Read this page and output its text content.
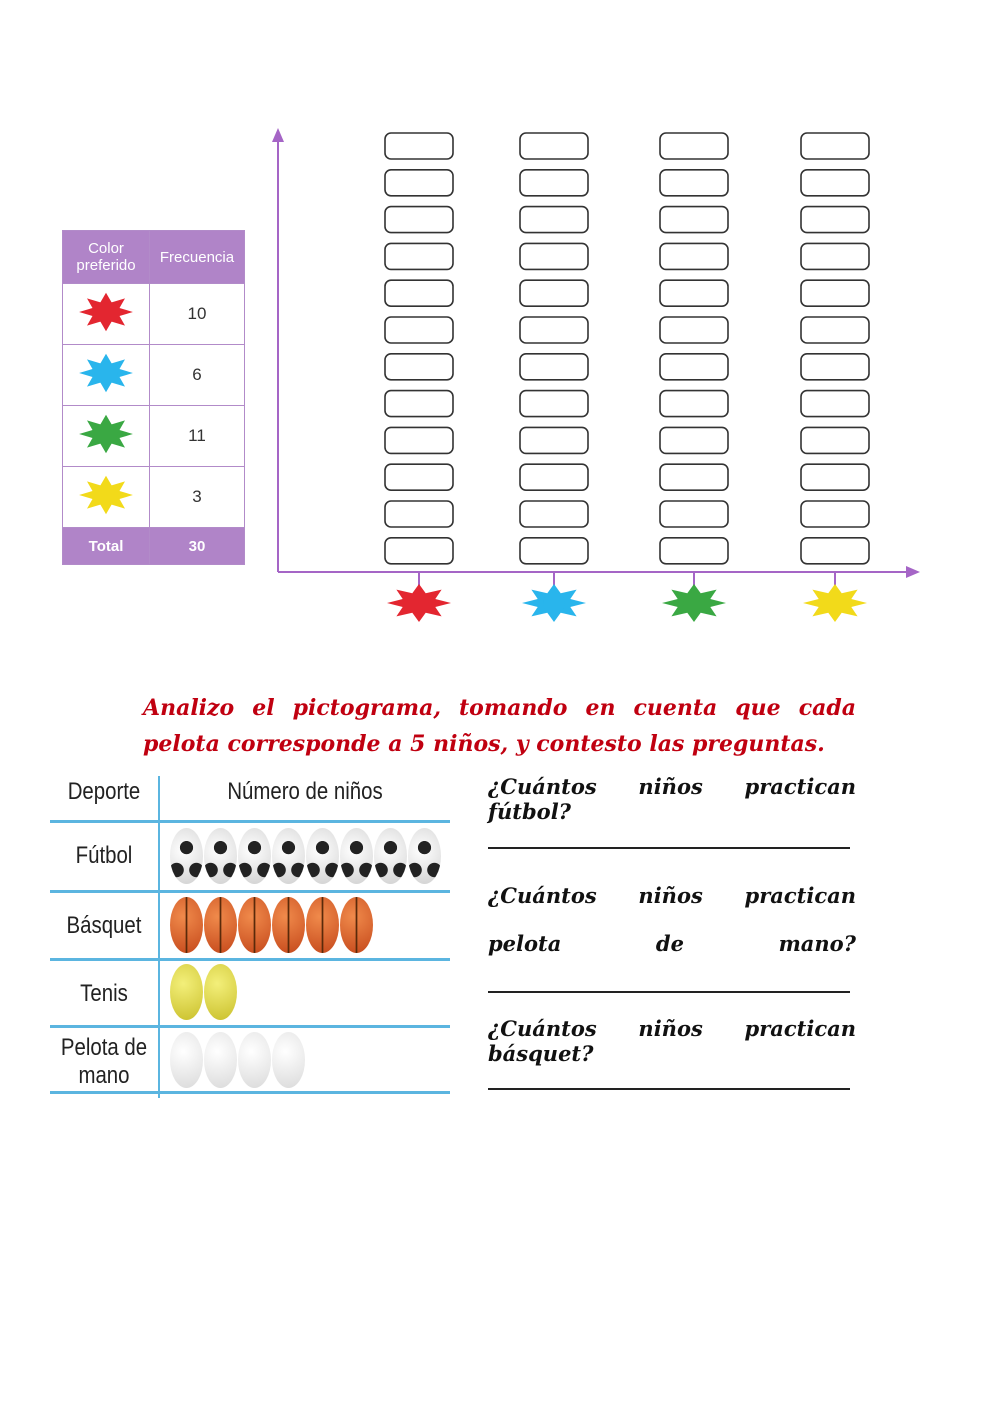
Color preferido	Frecuencia
	10
	6
	11
	3
Total	30
Analizo el pictograma, tomando en cuenta que cada pelota corresponde a 5 niños, y contesto las preguntas.
Deporte	Número de niños
Fútbol
Básquet
Tenis
Pelota de mano
¿Cuántos niños practican fútbol?
¿Cuántos niños practican pelota de mano?
¿Cuántos niños practican básquet?
